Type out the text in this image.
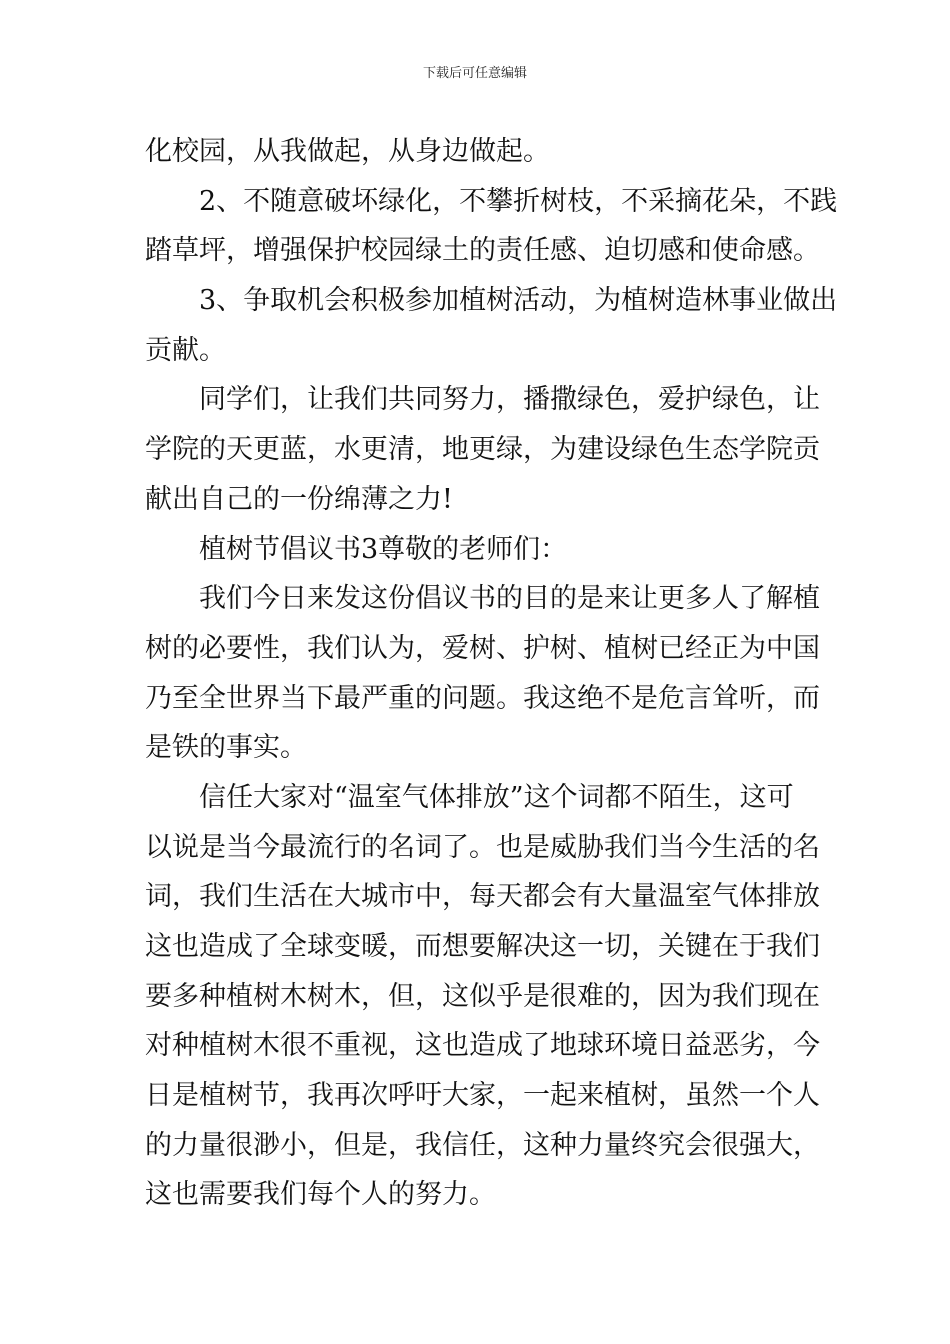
下载后可任意编辑
化校园，从我做起，从身边做起。
2、不随意破坏绿化，不攀折树枝，不采摘花朵，不践
踏草坪，增强保护校园绿土的责任感、迫切感和使命感。
3、争取机会积极参加植树活动，为植树造林事业做出
贡献。
同学们，让我们共同努力，播撒绿色，爱护绿色，让
学院的天更蓝，水更清，地更绿，为建设绿色生态学院贡
献出自己的一份绵薄之力!
植树节倡议书3尊敬的老师们：
我们今日来发这份倡议书的目的是来让更多人了解植
树的必要性，我们认为，爱树、护树、植树已经正为中国
乃至全世界当下最严重的问题。我这绝不是危言耸听，而
是铁的事实。
信任大家对“温室气体排放”这个词都不陌生，这可
以说是当今最流行的名词了。也是威胁我们当今生活的名
词，我们生活在大城市中，每天都会有大量温室气体排放
这也造成了全球变暖，而想要解决这一切，关键在于我们
要多种植树木树木，但，这似乎是很难的，因为我们现在
对种植树木很不重视，这也造成了地球环境日益恶劣，今
日是植树节，我再次呼吁大家，一起来植树，虽然一个人
的力量很渺小，但是，我信任，这种力量终究会很强大，
这也需要我们每个人的努力。
